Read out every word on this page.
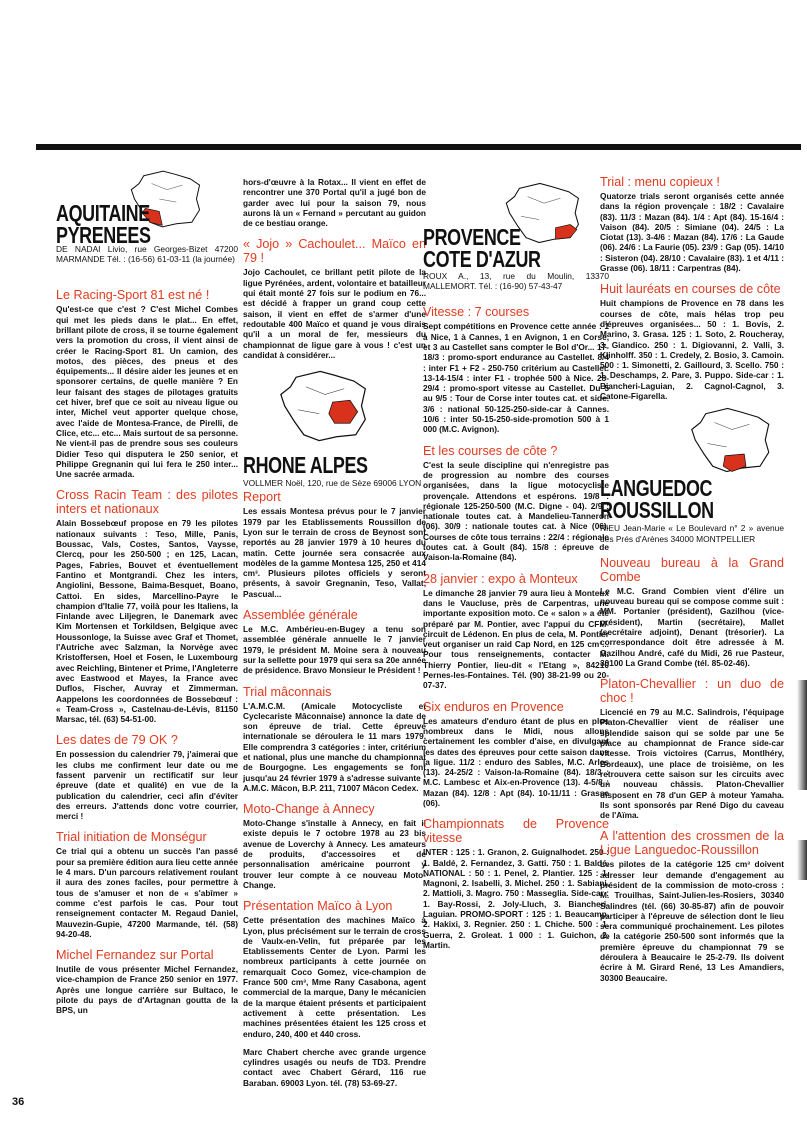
AQUITAINE

PYRENEES

DE NADAI Livio, rue Georges-Bizet 47200 MARMANDE Tél. : (16-56) 61-03-11 (la journée)

Le Racing-Sport 81 est né !

Qu'est-ce que c'est ? C'est Michel Combes qui met les pieds dans le plat... En effet, brillant pilote de cross, il se tourne également vers la promotion du cross, il vient ainsi de créer le Racing-Sport 81. Un camion, des motos, des pièces, des pneus et des équipements... Il désire aider les jeunes et en sponsorer certains, de quelle manière ? En leur faisant des stages de pilotages gratuits cet hiver, bref que ce soit au niveau ligue ou inter, Michel veut apporter quelque chose, avec l'aide de Montesa-France, de Pirelli, de Clice, etc... etc... Mais surtout de sa personne. Ne vient-il pas de prendre sous ses couleurs Didier Teso qui disputera le 250 senior, et Philippe Gregnanin qui lui fera le 250 inter... Une sacrée armada.

Cross Racin Team : des pilotes inters et nationaux

Alain Bossebœuf propose en 79 les pilotes nationaux suivants : Teso, Mille, Panis, Boussac, Vals, Costes, Santos, Vaysse, Clercq, pour les 250-500 ; en 125, Lacan, Pages, Fabries, Bouvet et éventuellement Fantino et Montgrandi. Chez les inters, Angiolini, Bessone, Baima-Besquet, Boano, Cattoi. En sides, Marcellino-Payre le champion d'Italie 77, voilà pour les Italiens, la Finlande avec Liljegren, le Danemark avec Kim Mortensen et Torkildsen, Belgique avec Houssonloge, la Suisse avec Graf et Thomet, l'Autriche avec Salzman, la Norvège avec Kristoffersen, Hoel et Fosen, le Luxembourg avec Reichling, Bintener et Prime, l'Angleterre avec Eastwood et Mayes, la France avec Duflos, Fischer, Auvray et Zimmerman. Aappelons les coordonnées de Bossebœuf : « Team-Cross », Castelnau-de-Lévis, 81150 Marsac, tél. (63) 54-51-00.

Les dates de 79 OK ?

En possession du calendrier 79, j'aimerai que les clubs me confirment leur date ou me fassent parvenir un rectificatif sur leur épreuve (date et qualité) en vue de la publication du calendrier, ceci afin d'éviter des erreurs. J'attends donc votre courrier, merci !

Trial initiation de Monségur

Ce trial qui a obtenu un succès l'an passé pour sa première édition aura lieu cette année le 4 mars. D'un parcours relativement roulant il aura des zones faciles, pour permettre à tous de s'amuser et non de « s'abîmer » comme c'est parfois le cas. Pour tout renseignement contacter M. Regaud Daniel, Mauvezin-Gupie, 47200 Marmande, tél. (58) 94-20-48.

Michel Fernandez sur Portal

Inutile de vous présenter Michel Fernandez, vice-champion de France 250 senior en 1977. Après une longue carrière sur Bultaco, le pilote du pays de d'Artagnan goutta de la BPS, un

hors-d'œuvre à la Rotax... Il vient en effet de rencontrer une 370 Portal qu'il a jugé bon de garder avec lui pour la saison 79, nous aurons là un « Fernand » percutant au guidon de ce bestiau orange.

« Jojo » Cachoulet... Maïco en 79 !

Jojo Cachoulet, ce brillant petit pilote de la ligue Pyrénées, ardent, volontaire et batailleur qui était monté 27 fois sur le podium en 76... est décidé à frapper un grand coup cette saison, il vient en effet de s'armer d'une redoutable 400 Maïco et quand je vous dirais qu'il a un moral de fer, messieurs du championnat de ligue gare à vous ! c'est un candidat à considérer...

RHONE ALPES

VOLLMER Noël, 120, rue de Sèze 69006 LYON

Report

Les essais Montesa prévus pour le 7 janvier 1979 par les Etablissements Roussillon de Lyon sur le terrain de cross de Beynost sont reportés au 28 janvier 1979 à 10 heures du matin. Cette journée sera consacrée aux modèles de la gamme Montesa 125, 250 et 414 cm³. Plusieurs pilotes officiels y seront présents, à savoir Gregnanin, Teso, Vallat, Pascual...

Assemblée générale

Le M.C. Ambérieu-en-Bugey a tenu son assemblée générale annuelle le 7 janvier 1979, le président M. Moine sera à nouveau sur la sellette pour 1979 qui sera sa 20e année de présidence. Bravo Monsieur le Président !

Trial mâconnais

L'A.M.C.M. (Amicale Motocycliste et Cyclecariste Mâconnaise) annonce la date de son épreuve de trial. Cette épreuve internationale se déroulera le 11 mars 1979. Elle comprendra 3 catégories : inter, critérium et national, plus une manche du championnat de Bourgogne. Les engagements se font jusqu'au 24 février 1979 à s'adresse suivante : A.M.C. Mâcon, B.P. 211, 71007 Mâcon Cedex.

Moto-Change à Annecy

Moto-Change s'installe à Annecy, en fait il existe depuis le 7 octobre 1978 au 23 bis avenue de Loverchy à Annecy. Les amateurs de produits, d'accessoires et de personnalisation américaine pourront y trouver leur compte à ce nouveau Moto-Change.

Présentation Maïco à Lyon

Cette présentation des machines Maïco à Lyon, plus précisément sur le terrain de cross de Vaulx-en-Velin, fut préparée par les Etablissements Center de Lyon. Parmi les nombreux participants à cette journée on remarquait Coco Gomez, vice-champion de France 500 cm³, Mme Rany Casabona, agent commercial de la marque, Dany le mécanicien de la marque étaient présents et participaient activement à cette présentation. Les machines présentées étaient les 125 cross et enduro, 240, 400 et 440 cross.

Marc Chabert cherche avec grande urgence cylindres usagés ou neufs de TD3. Prendre contact avec Chabert Gérard, 116 rue Baraban. 69003 Lyon. tél. (78) 53-69-27.

PROVENCE

COTE D'AZUR

ROUX A., 13, rue du Moulin, 13370 MALLEMORT. Tél. : (16-90) 57-43-47

Vitesse : 7 courses

Sept compétitions en Provence cette année : 1 à Nice, 1 à Cannes, 1 en Avignon, 1 en Corse, et 3 au Castellet sans compter le Bol d'Or... 17-18/3 : promo-sport endurance au Castellet. 8/4 : inter F1 + F2 - 250-750 critérium au Castellet. 13-14-15/4 : inter F1 - trophée 500 à Nice. 28-29/4 : promo-sport vitesse au Castellet. Du 5 au 9/5 : Tour de Corse inter toutes cat. et side. 3/6 : national 50-125-250-side-car à Cannes. 10/6 : inter 50-15-250-side-promotion 500 à 1 000 (M.C. Avignon).

Et les courses de côte ?

C'est la seule discipline qui n'enregistre pas de progression au nombre des courses organisées, dans la ligue motocycliste provençale. Attendons et espérons. 19/8 : régionale 125-250-500 (M.C. Digne - 04). 2/9 : nationale toutes cat. à Mandelieu-Tanneron (06). 30/9 : nationale toutes cat. à Nice (06). Courses de côte tous terrains : 22/4 : régionale toutes cat. à Goult (84). 15/8 : épreuve de Vaison-la-Romaine (84).

28 janvier : expo à Monteux

Le dimanche 28 janvier 79 aura lieu à Monteux dans le Vaucluse, près de Carpentras, une importante exposition moto. Ce « salon » a été préparé par M. Pontier, avec l'appui du CFM-circuit de Lédenon. En plus de cela, M. Pontier veut organiser un raid Cap Nord, en 125 cm³... Pour tous renseignements, contacter M. Thierry Pontier, lieu-dit « l'Etang », 84210 Pernes-les-Fontaines. Tél. (90) 38-21-99 ou 20-07-37.

Six enduros en Provence

Les amateurs d'enduro étant de plus en plus nombreux dans le Midi, nous allons certainement les combler d'aise, en divulgant les dates des épreuves pour cette saison dans la ligue. 11/2 : enduro des Sables, M.C. Arles (13). 24-25/2 : Vaison-la-Romaine (84). 18/3 : M.C. Lambesc et Aix-en-Provence (13). 4-5/8 : Mazan (84). 12/8 : Apt (84). 10-11/11 : Grasse (06).

Championnats de Provence vitesse

INTER : 125 : 1. Granon, 2. Guignalhodet. 250 : 1. Baldé, 2. Fernandez, 3. Gatti. 750 : 1. Baldé. NATIONAL : 50 : 1. Penel, 2. Plantier. 125 : 1. Magnoni, 2. Isabelli, 3. Michel. 250 : 1. Sabiani, 2. Mattioli, 3. Magro. 750 : Masseglia. Side-car : 1. Bay-Rossi, 2. Joly-Lluch, 3. Biancheri-Laguian. PROMO-SPORT : 125 : 1. Beaucamp, 2. Hakixi, 3. Regnier. 250 : 1. Chiche. 500 : 1. Guerra, 2. Groleat. 1 000 : 1. Guichon, 2. Martin.

Trial : menu copieux !

Quatorze trials seront organisés cette année dans la région provençale : 18/2 : Cavalaire (83). 11/3 : Mazan (84). 1/4 : Apt (84). 15-16/4 : Vaison (84). 20/5 : Simiane (04). 24/5 : La Ciotat (13). 3-4/6 : Mazan (84). 17/6 : La Gaude (06). 24/6 : La Faurie (05). 23/9 : Gap (05). 14/10 : Sisteron (04). 28/10 : Cavalaire (83). 1 et 4/11 : Grasse (06). 18/11 : Carpentras (84).

Huit lauréats en courses de côte

Huit champions de Provence en 78 dans les courses de côte, mais hélas trop peu d'épreuves organisées... 50 : 1. Bovis, 2. Marino, 3. Grasa. 125 : 1. Soto, 2. Roucheray, 3. Giandico. 250 : 1. Digiovanni, 2. Valli, 3. Klinholff. 350 : 1. Credely, 2. Bosio, 3. Camoin. 500 : 1. Simonetti, 2. Gaillourd, 3. Scello. 750 : 1. Deschamps, 2. Pare, 3. Puppo. Side-car : 1. Biancheri-Laguian, 2. Cagnol-Cagnol, 3. Catone-Figarella.

LANGUEDOC

ROUSSILLON

RIEU Jean-Marie « Le Boulevard n° 2 » avenue des Prés d'Arènes 34000 MONTPELLIER

Nouveau bureau à la Grand Combe

Le M.C. Grand Combien vient d'élire un nouveau bureau qui se compose comme suit : MM. Portanier (président), Gazilhou (vice-président), Martin (secrétaire), Mallet (secrétaire adjoint), Denant (trésorier). La correspondance doit être adressée à M. Gazilhou André, café du Midi, 26 rue Pasteur, 30100 La Grand Combe (tél. 85-02-46).

Platon-Chevallier : un duo de choc !

Licencié en 79 au M.C. Salindrois, l'équipage Platon-Chevallier vient de réaliser une splendide saison qui se solde par une 5e place au championnat de France side-car vitesse. Trois victoires (Carrus, Montlhéry, Bordeaux), une place de troisième, on les retrouvera cette saison sur les circuits avec un nouveau châssis. Platon-Chevallier disposent en 78 d'un GEP à moteur Yamaha. Ils sont sponsorés par René Digo du caveau de l'Aïma.

A l'attention des crossmen de la Ligue Languedoc-Roussillon

Les pilotes de la catégorie 125 cm³ doivent adresser leur demande d'engagement au président de la commission de moto-cross : M. Trouilhas, Saint-Julien-les-Rosiers, 30340 Salindres (tél. (66) 30-85-87) afin de pouvoir participer à l'épreuve de sélection dont le lieu sera communiqué prochainement. Les pilotes de la catégorie 250-500 sont informés que la première épreuve du championnat 79 se déroulera à Beaucaire le 25-2-79. Ils doivent écrire à M. Girard René, 13 Les Amandiers, 30300 Beaucaire.

36
